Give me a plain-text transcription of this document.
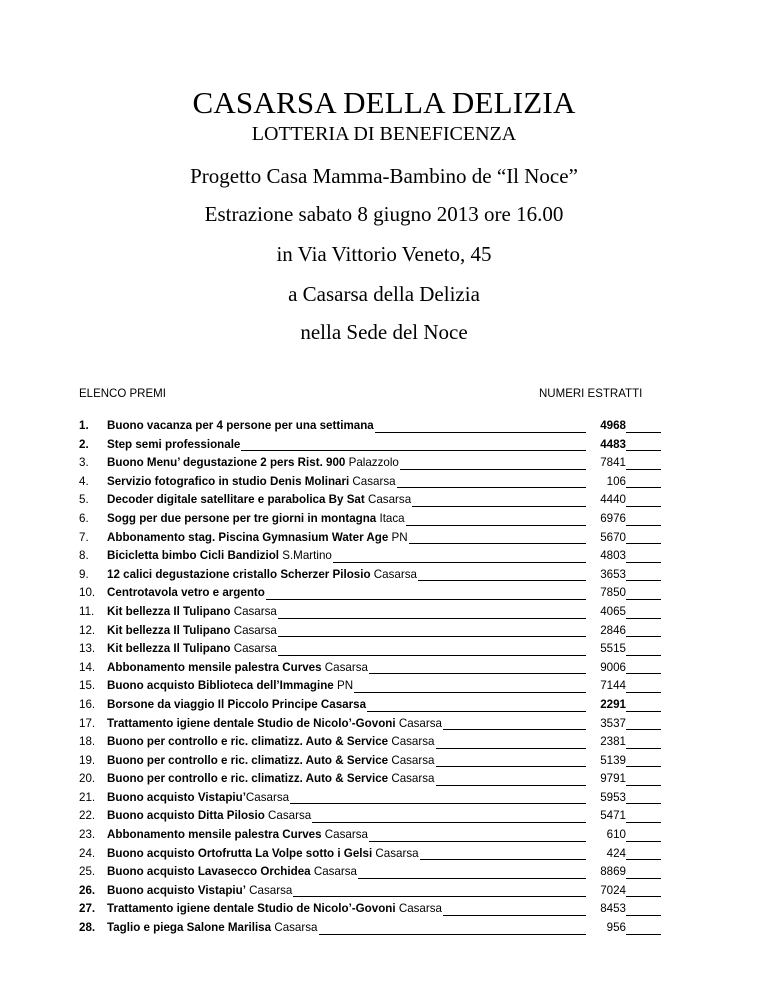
CASARSA DELLA DELIZIA
LOTTERIA DI BENEFICENZA
Progetto Casa Mamma-Bambino de “Il Noce”
Estrazione sabato 8 giugno 2013 ore 16.00
in Via Vittorio Veneto, 45
a Casarsa della Delizia
nella Sede del Noce
ELENCO PREMI	NUMERI ESTRATTI
1.	Buono vacanza per 4 persone per una settimana	4968
2.	Step semi professionale	4483
3.	Buono Menu’ degustazione 2 pers Rist. 900 Palazzolo	7841
4.	Servizio fotografico in studio Denis Molinari Casarsa	106
5.	Decoder digitale satellitare e parabolica By Sat Casarsa	4440
6.	Sogg per due persone per tre giorni in montagna Itaca	6976
7.	Abbonamento stag. Piscina Gymnasium Water Age PN	5670
8.	Bicicletta bimbo Cicli Bandiziol S.Martino	4803
9.	12 calici degustazione cristallo Scherzer Pilosio Casarsa	3653
10.	Centrotavola vetro e argento	7850
11.	Kit bellezza Il Tulipano Casarsa	4065
12.	Kit bellezza Il Tulipano Casarsa	2846
13.	Kit bellezza Il Tulipano Casarsa	5515
14.	Abbonamento mensile palestra Curves Casarsa	9006
15.	Buono acquisto Biblioteca dell’Immagine PN	7144
16.	Borsone da viaggio Il Piccolo Principe Casarsa	2291
17.	Trattamento igiene dentale Studio de Nicolo’-Govoni Casarsa	3537
18.	Buono per controllo e ric. climatizz. Auto & Service Casarsa	2381
19.	Buono per controllo e ric. climatizz. Auto & Service Casarsa	5139
20.	Buono per controllo e ric. climatizz. Auto & Service Casarsa	9791
21.	Buono acquisto Vistapiu’Casarsa	5953
22.	Buono acquisto Ditta Pilosio Casarsa	5471
23.	Abbonamento mensile palestra Curves Casarsa	610
24.	Buono acquisto Ortofrutta La Volpe sotto i Gelsi Casarsa	424
25.	Buono acquisto Lavasecco Orchidea Casarsa	8869
26.	Buono acquisto Vistapiu’ Casarsa	7024
27.	Trattamento igiene dentale Studio de Nicolo’-Govoni Casarsa	8453
28.	Taglio e piega Salone Marilisa Casarsa	956
